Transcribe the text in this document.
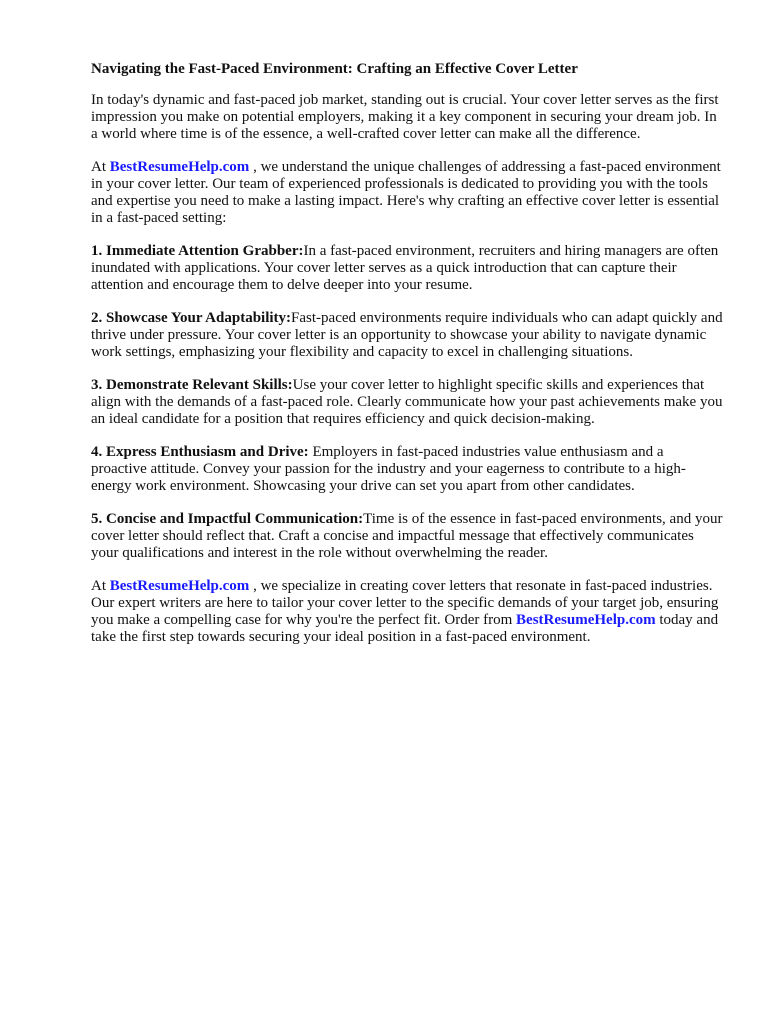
Navigating the Fast-Paced Environment: Crafting an Effective Cover Letter
In today's dynamic and fast-paced job market, standing out is crucial. Your cover letter serves as the first impression you make on potential employers, making it a key component in securing your dream job. In a world where time is of the essence, a well-crafted cover letter can make all the difference.
At BestResumeHelp.com , we understand the unique challenges of addressing a fast-paced environment in your cover letter. Our team of experienced professionals is dedicated to providing you with the tools and expertise you need to make a lasting impact. Here's why crafting an effective cover letter is essential in a fast-paced setting:
1. Immediate Attention Grabber:In a fast-paced environment, recruiters and hiring managers are often inundated with applications. Your cover letter serves as a quick introduction that can capture their attention and encourage them to delve deeper into your resume.
2. Showcase Your Adaptability:Fast-paced environments require individuals who can adapt quickly and thrive under pressure. Your cover letter is an opportunity to showcase your ability to navigate dynamic work settings, emphasizing your flexibility and capacity to excel in challenging situations.
3. Demonstrate Relevant Skills:Use your cover letter to highlight specific skills and experiences that align with the demands of a fast-paced role. Clearly communicate how your past achievements make you an ideal candidate for a position that requires efficiency and quick decision-making.
4. Express Enthusiasm and Drive: Employers in fast-paced industries value enthusiasm and a proactive attitude. Convey your passion for the industry and your eagerness to contribute to a high-energy work environment. Showcasing your drive can set you apart from other candidates.
5. Concise and Impactful Communication:Time is of the essence in fast-paced environments, and your cover letter should reflect that. Craft a concise and impactful message that effectively communicates your qualifications and interest in the role without overwhelming the reader.
At BestResumeHelp.com , we specialize in creating cover letters that resonate in fast-paced industries. Our expert writers are here to tailor your cover letter to the specific demands of your target job, ensuring you make a compelling case for why you're the perfect fit. Order from BestResumeHelp.com today and take the first step towards securing your ideal position in a fast-paced environment.
